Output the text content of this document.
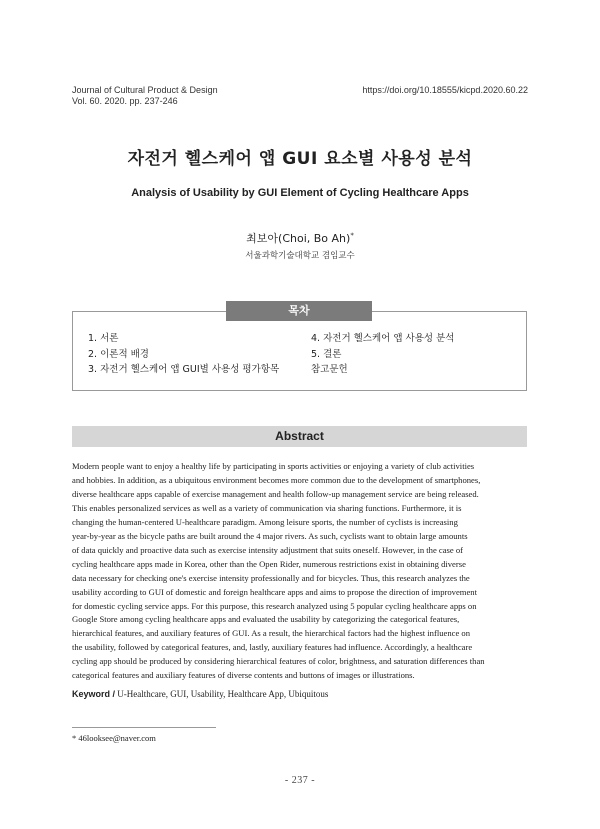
Journal of Cultural Product & Design
Vol. 60. 2020. pp. 237-246
https://doi.org/10.18555/kicpd.2020.60.22
자전거 헬스케어 앱 GUI 요소별 사용성 분석
Analysis of Usability by GUI Element of Cycling Healthcare Apps
최보아(Choi, Bo Ah)*
서울과학기술대학교 겸임교수
목차
1. 서론
2. 이론적 배경
3. 자전거 헬스케어 앱 GUI별 사용성 평가항목
4. 자전거 헬스케어 앱 사용성 분석
5. 결론
참고문헌
Abstract
Modern people want to enjoy a healthy life by participating in sports activities or enjoying a variety of club activities
and hobbies. In addition, as a ubiquitous environment becomes more common due to the development of smartphones,
diverse healthcare apps capable of exercise management and health follow-up management service are being released.
This enables personalized services as well as a variety of communication via sharing functions. Furthermore, it is
changing the human-centered U-healthcare paradigm. Among leisure sports, the number of cyclists is increasing
year-by-year as the bicycle paths are built around the 4 major rivers. As such, cyclists want to obtain large amounts
of data quickly and proactive data such as exercise intensity adjustment that suits oneself. However, in the case of
cycling healthcare apps made in Korea, other than the Open Rider, numerous restrictions exist in obtaining diverse
data necessary for checking one's exercise intensity professionally and for bicycles. Thus, this research analyzes the
usability according to GUI of domestic and foreign healthcare apps and aims to propose the direction of improvement
for domestic cycling service apps. For this purpose, this research analyzed using 5 popular cycling healthcare apps on
Google Store among cycling healthcare apps and evaluated the usability by categorizing the categorical features,
hierarchical features, and auxiliary features of GUI. As a result, the hierarchical factors had the highest influence on
the usability, followed by categorical features, and, lastly, auxiliary features had influence. Accordingly, a healthcare
cycling app should be produced by considering hierarchical features of color, brightness, and saturation differences than
categorical features and auxiliary features of diverse contents and buttons of images or illustrations.
Keyword / U-Healthcare, GUI, Usability, Healthcare App, Ubiquitous
* 46looksee@naver.com
- 237 -
